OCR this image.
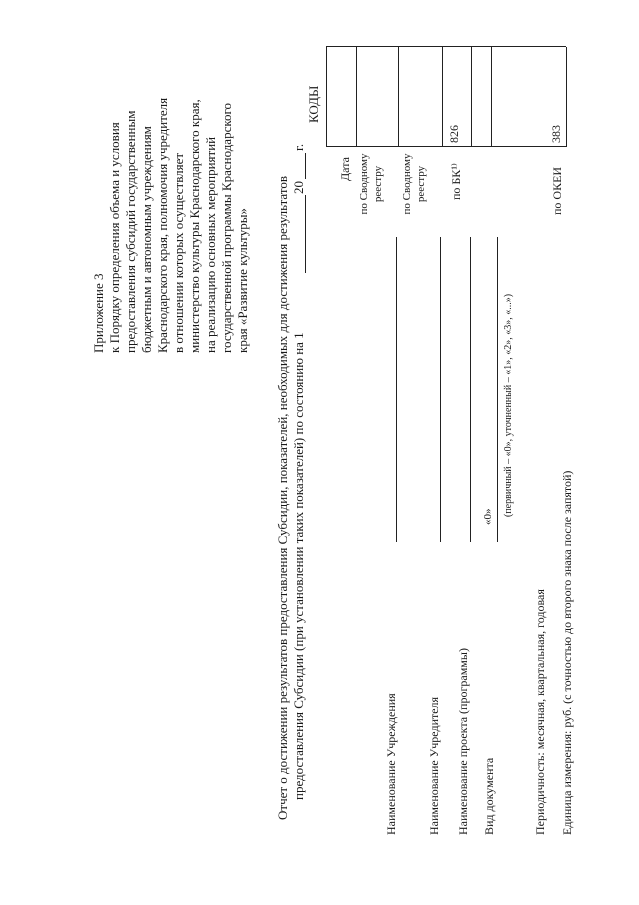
Приложение 3 к Порядку определения объема и условия предоставления субсидий государственным бюджетным и автономным учреждениям Краснодарского края, полномочия учредителя в отношении которых осуществляет министерство культуры Краснодарского края, на реализацию основных мероприятий государственной программы Краснодарского края «Развитие культуры» Отчет о достижении результатов предоставления Субсидии, показателей, необходимых для достижения результатов предоставления Субсидии (при установлении таких показателей) по состоянию на 1
20
г.
КОДЫ
826	383
Дата по Сводному реестру по Сводному реестру по БК¹⁾	по ОКЕИ
Наименование Учреждения Наименование Учредителя Наименование проекта (программы) Вид документа
«0» (первичный – «0», уточненный – «1», «2», «3», «...»)
Периодичность: месячная, квартальная, годовая Единица измерения: руб. (с точностью до второго знака после запятой)
